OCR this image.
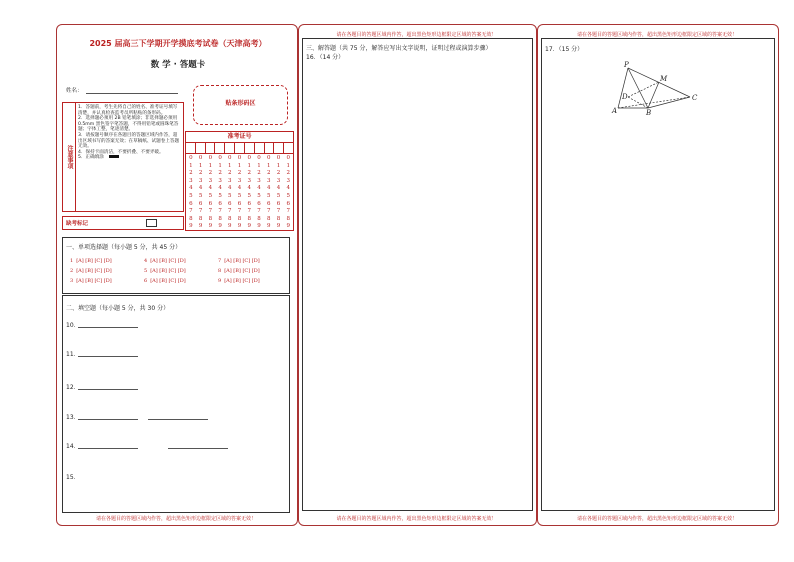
2025 届高三下学期开学摸底考试卷（天津高考）
数 学 · 答题卡
姓名：
贴条形码区
注意事项

1．答题前，考生先将自己的姓名、准考证号填写清楚，并认真检查监考员所粘贴的条形码。

2．选择题必须用 2B 铅笔填涂；非选择题必须用 0.5mm 黑色签字笔答题，不得用铅笔或圆珠笔答题；字体工整，笔迹清楚。

3．请按题号顺序在各题目的答题区域内作答，超出区域书写的答案无效；在草稿纸、试题卷上答题无效。

4．保持卡面清洁，不要折叠、不要弄破。

5．正确填涂

准考证号
0
1
2
3
4
5
6
7
8
9
0
1
2
3
4
5
6
7
8
9
0
1
2
3
4
5
6
7
8
9
0
1
2
3
4
5
6
7
8
9
0
1
2
3
4
5
6
7
8
9
0
1
2
3
4
5
6
7
8
9
0
1
2
3
4
5
6
7
8
9
0
1
2
3
4
5
6
7
8
9
0
1
2
3
4
5
6
7
8
9
0
1
2
3
4
5
6
7
8
9
0
1
2
3
4
5
6
7
8
9
缺考标记
一、单项选择题（每小题 5 分，共 45 分）
1 [A] [B] [C] [D]
2 [A] [B] [C] [D]
3 [A] [B] [C] [D]
4 [A] [B] [C] [D]
5 [A] [B] [C] [D]
6 [A] [B] [C] [D]
7 [A] [B] [C] [D]
8 [A] [B] [C] [D]
9 [A] [B] [C] [D]
二、填空题（每小题 5 分，共 30 分）
10．
11．
12．
13．
14．
15．
请在各题目的答题区域内作答，超出黑色矩形边框限定区域的答案无效！
请在各题目的答题区域内作答，超出黑色矩形边框限定区域的答案无效！
三、解答题（共 75 分，解答应写出文字说明，证明过程或演算步骤）
16．（14 分）
请在各题目的答题区域内作答，超出黑色矩形边框限定区域的答案无效！
请在各题目的答题区域内作答，超出黑色矩形边框限定区域的答案无效！
17．（15 分）
P
M
D
A	B
C
请在各题目的答题区域内作答，超出黑色矩形边框限定区域的答案无效！
